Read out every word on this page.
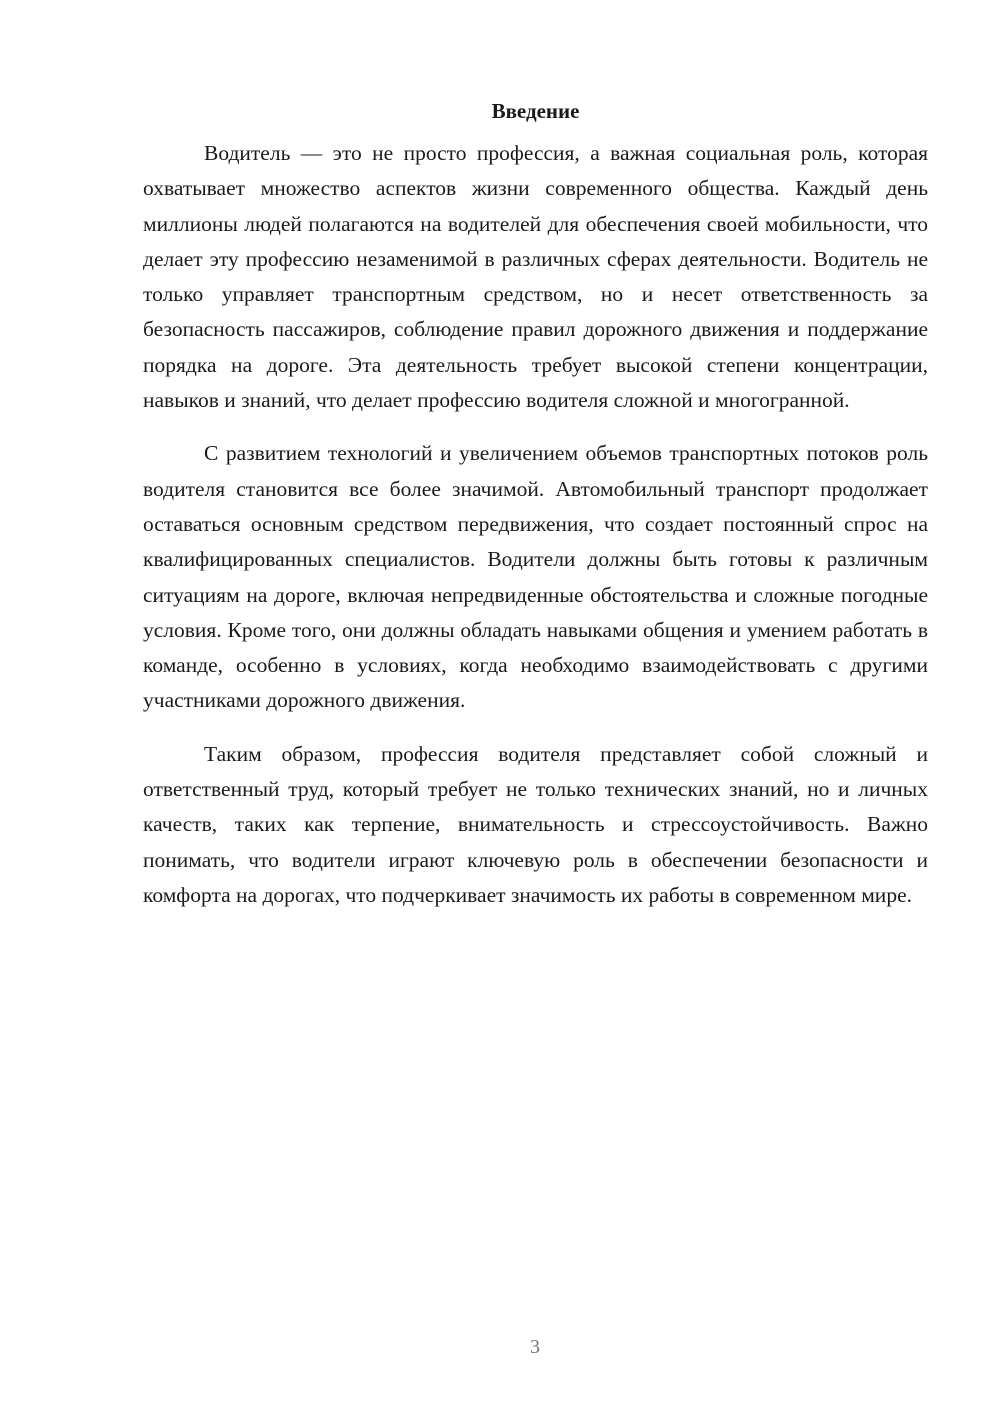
Введение

Водитель — это не просто профессия, а важная социальная роль, которая охватывает множество аспектов жизни современного общества. Каждый день миллионы людей полагаются на водителей для обеспечения своей мобильности, что делает эту профессию незаменимой в различных сферах деятельности. Водитель не только управляет транспортным средством, но и несет ответственность за безопасность пассажиров, соблюдение правил дорожного движения и поддержание порядка на дороге. Эта деятельность требует высокой степени концентрации, навыков и знаний, что делает профессию водителя сложной и многогранной.

С развитием технологий и увеличением объемов транспортных потоков роль водителя становится все более значимой. Автомобильный транспорт продолжает оставаться основным средством передвижения, что создает постоянный спрос на квалифицированных специалистов. Водители должны быть готовы к различным ситуациям на дороге, включая непредвиденные обстоятельства и сложные погодные условия. Кроме того, они должны обладать навыками общения и умением работать в команде, особенно в условиях, когда необходимо взаимодействовать с другими участниками дорожного движения.

Таким образом, профессия водителя представляет собой сложный и ответственный труд, который требует не только технических знаний, но и личных качеств, таких как терпение, внимательность и стрессоустойчивость. Важно понимать, что водители играют ключевую роль в обеспечении безопасности и комфорта на дорогах, что подчеркивает значимость их работы в современном мире.

3
